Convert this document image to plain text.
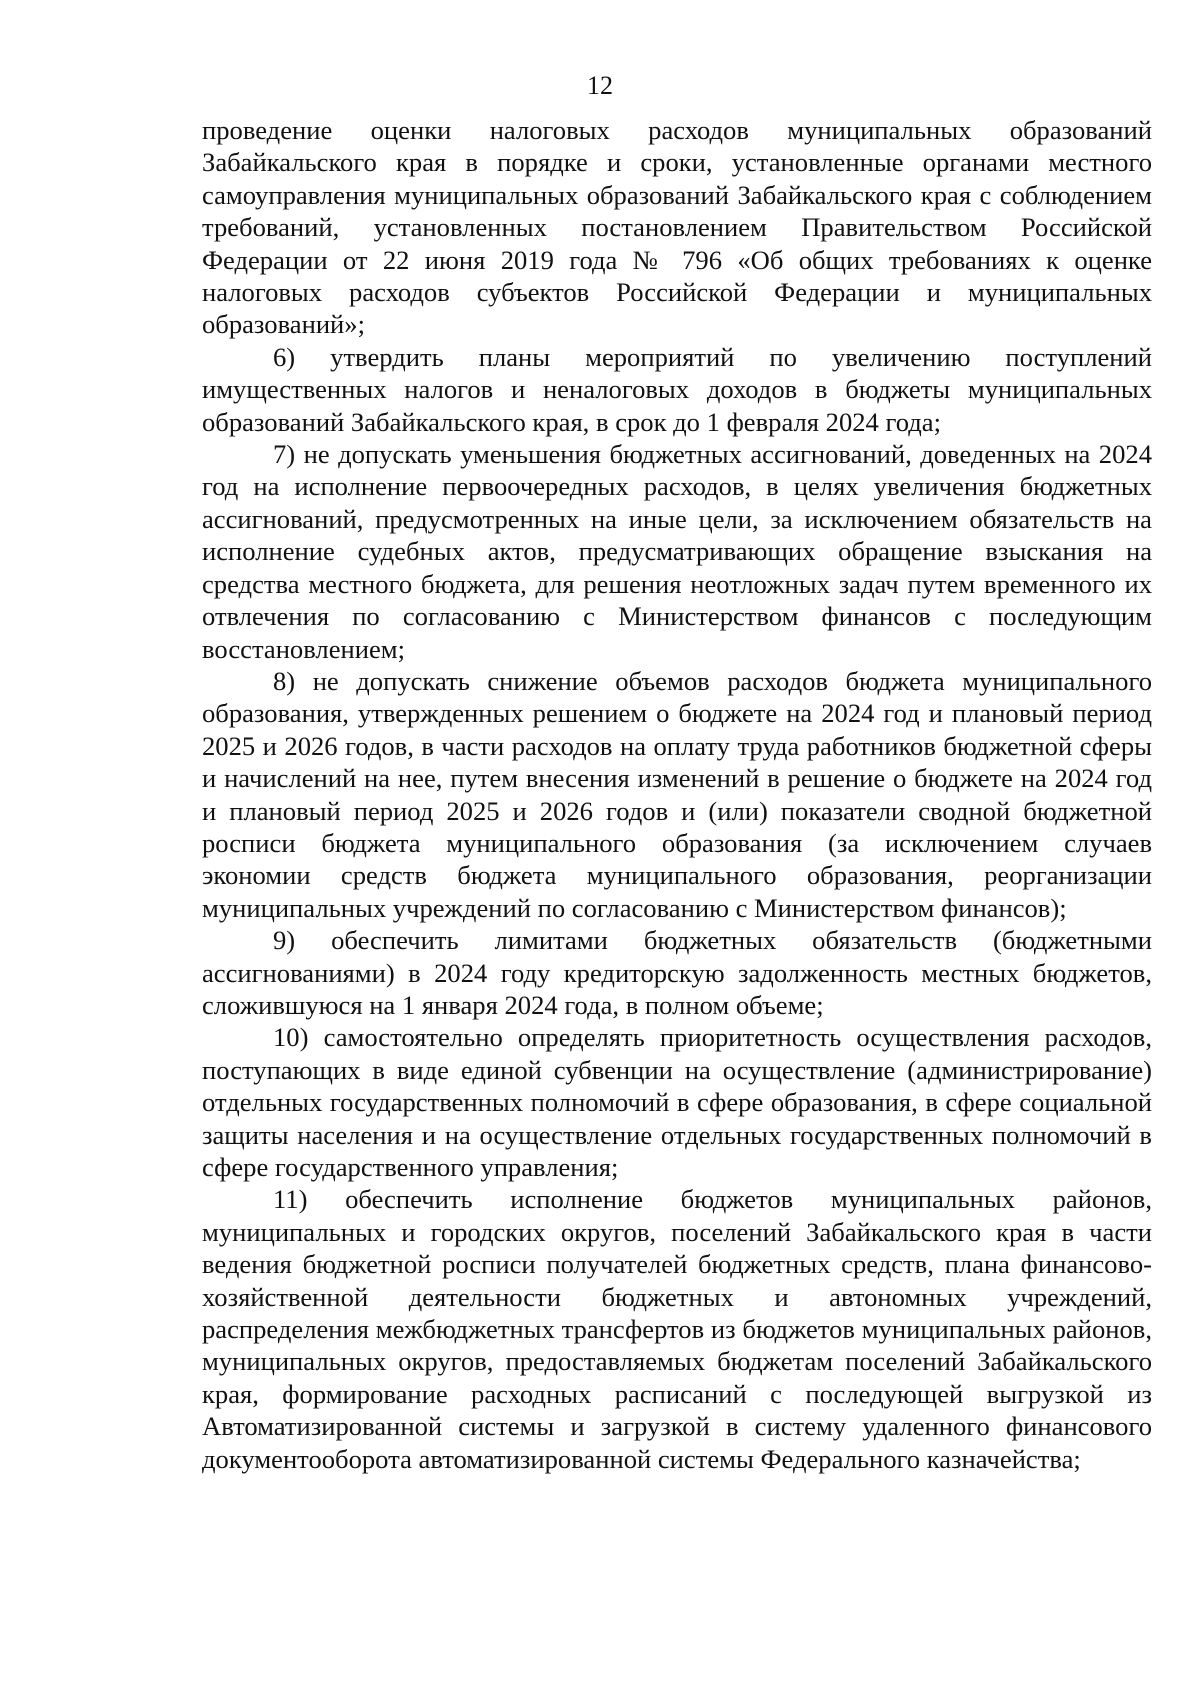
12

проведение оценки налоговых расходов муниципальных образований Забайкальского края в порядке и сроки, установленные органами местного самоуправления муниципальных образований Забайкальского края с соблюдением требований, установленных постановлением Правительством Российской Федерации от 22 июня 2019 года № 796 «Об общих требованиях к оценке налоговых расходов субъектов Российской Федерации и муниципальных образований»;

6) утвердить планы мероприятий по увеличению поступлений имущественных налогов и неналоговых доходов в бюджеты муниципальных образований Забайкальского края, в срок до 1 февраля 2024 года;

7) не допускать уменьшения бюджетных ассигнований, доведенных на 2024 год на исполнение первоочередных расходов, в целях увеличения бюджетных ассигнований, предусмотренных на иные цели, за исключением обязательств на исполнение судебных актов, предусматривающих обращение взыскания на средства местного бюджета, для решения неотложных задач путем временного их отвлечения по согласованию с Министерством финансов с последующим восстановлением;

8) не допускать снижение объемов расходов бюджета муниципального образования, утвержденных решением о бюджете на 2024 год и плановый период 2025 и 2026 годов, в части расходов на оплату труда работников бюджетной сферы и начислений на нее, путем внесения изменений в решение о бюджете на 2024 год и плановый период 2025 и 2026 годов и (или) показатели сводной бюджетной росписи бюджета муниципального образования (за исключением случаев экономии средств бюджета муниципального образования, реорганизации муниципальных учреждений по согласованию с Министерством финансов);

9) обеспечить лимитами бюджетных обязательств (бюджетными ассигнованиями) в 2024 году кредиторскую задолженность местных бюджетов, сложившуюся на 1 января 2024 года, в полном объеме;

10) самостоятельно определять приоритетность осуществления расходов, поступающих в виде единой субвенции на осуществление (администрирование) отдельных государственных полномочий в сфере образования, в сфере социальной защиты населения и на осуществление отдельных государственных полномочий в сфере государственного управления;

11) обеспечить исполнение бюджетов муниципальных районов, муниципальных и городских округов, поселений Забайкальского края в части ведения бюджетной росписи получателей бюджетных средств, плана финансово-хозяйственной деятельности бюджетных и автономных учреждений, распределения межбюджетных трансфертов из бюджетов муниципальных районов, муниципальных округов, предоставляемых бюджетам поселений Забайкальского края, формирование расходных расписаний с последующей выгрузкой из Автоматизированной системы и загрузкой в систему удаленного финансового документооборота автоматизированной системы Федерального казначейства;
